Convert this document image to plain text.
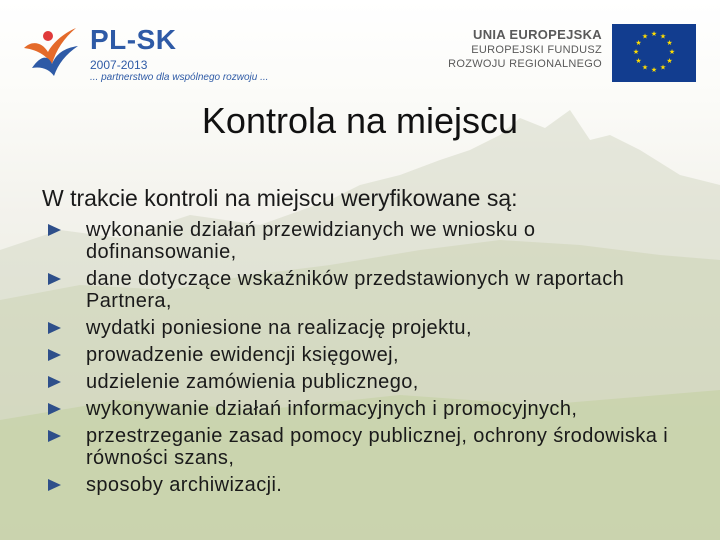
PL-SK
2007-2013
... partnerstwo dla wspólnego rozwoju ...
UNIA EUROPEJSKA
EUROPEJSKI FUNDUSZ
ROZWOJU REGIONALNEGO
★ ★
★
★
★
★
★
★
★
★
★
★
Kontrola na miejscu
W trakcie kontroli na miejscu weryfikowane są:
wykonanie działań przewidzianych we wniosku o dofinansowanie,
dane dotyczące wskaźników przedstawionych w raportach Partnera,
wydatki poniesione na realizację projektu,
prowadzenie ewidencji księgowej,
udzielenie zamówienia publicznego,
wykonywanie działań informacyjnych i promocyjnych,
przestrzeganie zasad pomocy publicznej, ochrony środowiska i równości szans,
sposoby archiwizacji.
